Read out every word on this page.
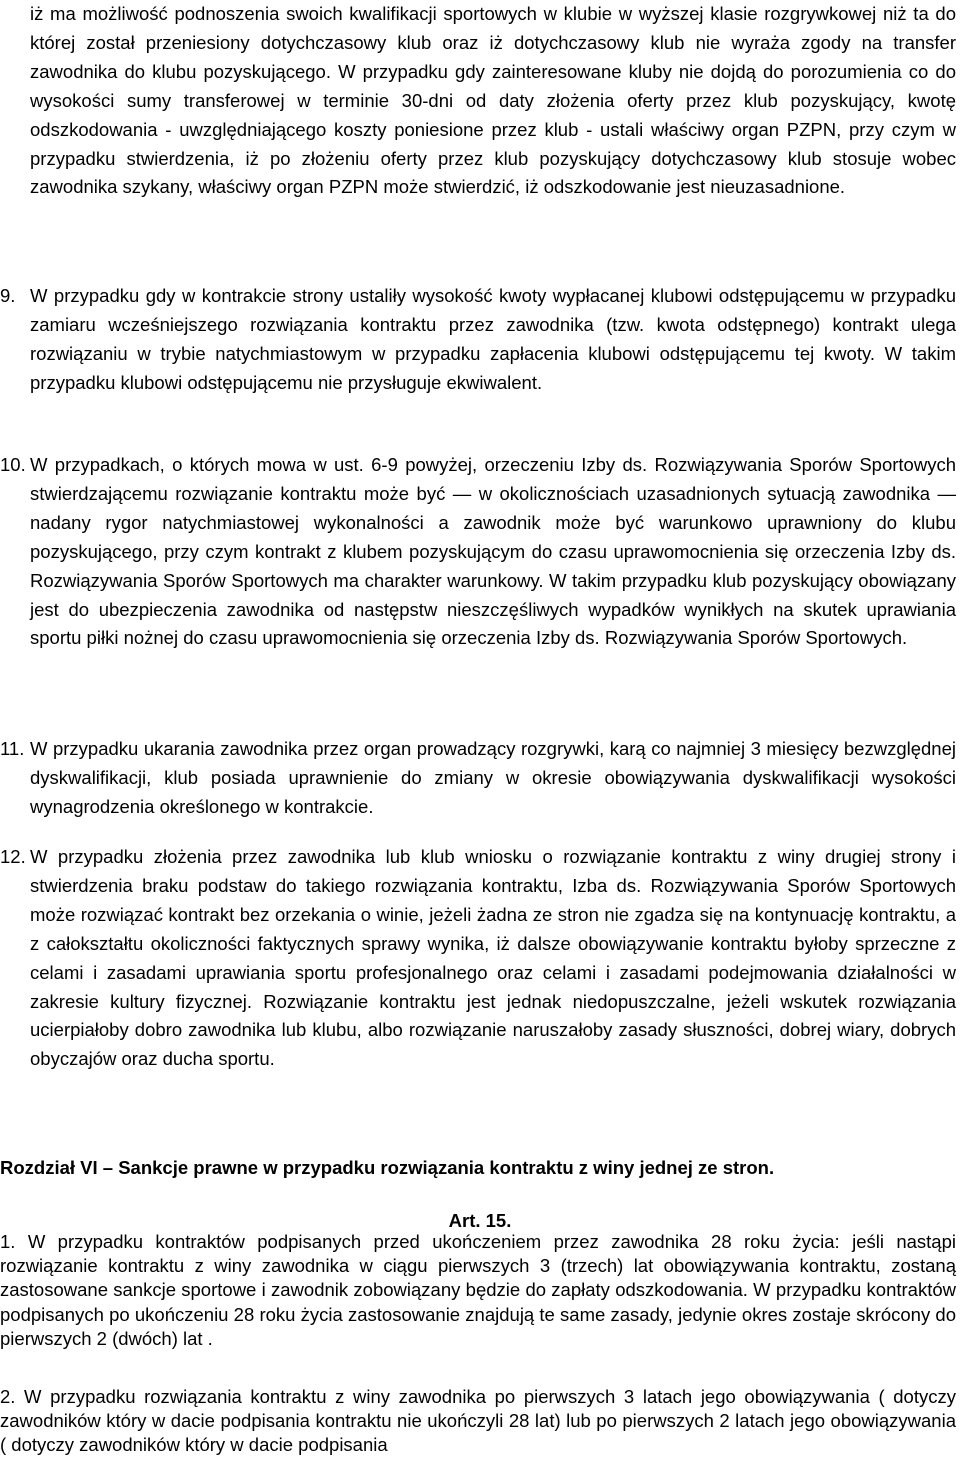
iż ma możliwość podnoszenia swoich kwalifikacji sportowych w klubie w wyższej klasie rozgrywkowej niż ta do której został przeniesiony dotychczasowy klub oraz iż dotychczasowy klub nie wyraża zgody na transfer zawodnika do klubu pozyskującego. W przypadku gdy zainteresowane kluby nie dojdą do porozumienia co do wysokości sumy transferowej w terminie 30-dni od daty złożenia oferty przez klub pozyskujący, kwotę odszkodowania - uwzględniającego koszty poniesione przez klub - ustali właściwy organ PZPN, przy czym w przypadku stwierdzenia, iż po złożeniu oferty przez klub pozyskujący dotychczasowy klub stosuje wobec zawodnika szykany, właściwy organ PZPN może stwierdzić, iż odszkodowanie jest nieuzasadnione.

9. W przypadku gdy w kontrakcie strony ustaliły wysokość kwoty wypłacanej klubowi odstępującemu w przypadku zamiaru wcześniejszego rozwiązania kontraktu przez zawodnika (tzw. kwota odstępnego) kontrakt ulega rozwiązaniu w trybie natychmiastowym w przypadku zapłacenia klubowi odstępującemu tej kwoty. W takim przypadku klubowi odstępującemu nie przysługuje ekwiwalent.

10. W przypadkach, o których mowa w ust. 6-9 powyżej, orzeczeniu Izby ds. Rozwiązywania Sporów Sportowych stwierdzającemu rozwiązanie kontraktu może być — w okolicznościach uzasadnionych sytuacją zawodnika — nadany rygor natychmiastowej wykonalności a zawodnik może być warunkowo uprawniony do klubu pozyskującego, przy czym kontrakt z klubem pozyskującym do czasu uprawomocnienia się orzeczenia Izby ds. Rozwiązywania Sporów Sportowych ma charakter warunkowy. W takim przypadku klub pozyskujący obowiązany jest do ubezpieczenia zawodnika od następstw nieszczęśliwych wypadków wynikłych na skutek uprawiania sportu piłki nożnej do czasu uprawomocnienia się orzeczenia Izby ds. Rozwiązywania Sporów Sportowych.

11. W przypadku ukarania zawodnika przez organ prowadzący rozgrywki, karą co najmniej 3 miesięcy bezwzględnej dyskwalifikacji, klub posiada uprawnienie do zmiany w okresie obowiązywania dyskwalifikacji wysokości wynagrodzenia określonego w kontrakcie.

12. W przypadku złożenia przez zawodnika lub klub wniosku o rozwiązanie kontraktu z winy drugiej strony i stwierdzenia braku podstaw do takiego rozwiązania kontraktu, Izba ds. Rozwiązywania Sporów Sportowych może rozwiązać kontrakt bez orzekania o winie, jeżeli żadna ze stron nie zgadza się na kontynuację kontraktu, a z całokształtu okoliczności faktycznych sprawy wynika, iż dalsze obowiązywanie kontraktu byłoby sprzeczne z celami i zasadami uprawiania sportu profesjonalnego oraz celami i zasadami podejmowania działalności w zakresie kultury fizycznej. Rozwiązanie kontraktu jest jednak niedopuszczalne, jeżeli wskutek rozwiązania ucierpiałoby dobro zawodnika lub klubu, albo rozwiązanie naruszałoby zasady słuszności, dobrej wiary, dobrych obyczajów oraz ducha sportu.

Rozdział VI – Sankcje prawne w przypadku rozwiązania kontraktu z winy jednej ze stron.
Art. 15.

1. W przypadku kontraktów podpisanych przed ukończeniem przez zawodnika 28 roku życia: jeśli nastąpi rozwiązanie kontraktu z winy zawodnika w ciągu pierwszych 3 (trzech) lat obowiązywania kontraktu, zostaną zastosowane sankcje sportowe i zawodnik zobowiązany będzie do zapłaty odszkodowania. W przypadku kontraktów podpisanych po ukończeniu 28 roku życia zastosowanie znajdują te same zasady, jedynie okres zostaje skrócony do pierwszych 2 (dwóch) lat .

2. W przypadku rozwiązania kontraktu z winy zawodnika po pierwszych 3 latach jego obowiązywania ( dotyczy zawodników który w dacie podpisania kontraktu nie ukończyli 28 lat) lub po pierwszych 2 latach jego obowiązywania ( dotyczy zawodników który w dacie podpisania
